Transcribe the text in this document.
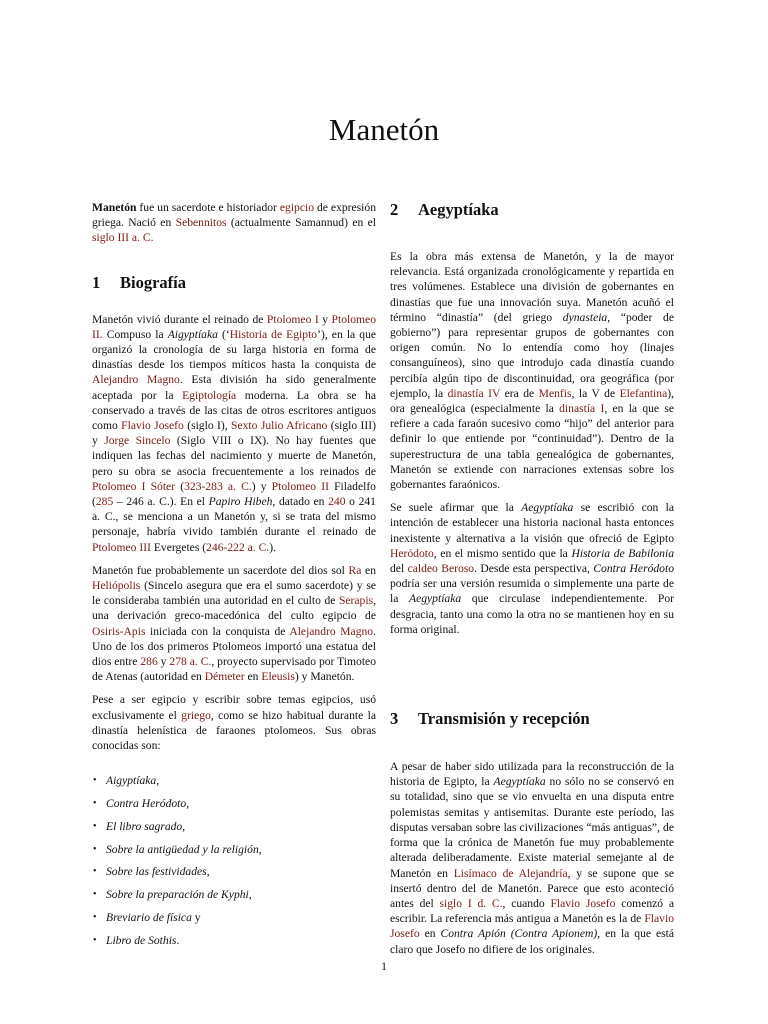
Manetón

Manetón fue un sacerdote e historiador egipcio de expresión griega. Nació en Sebennitos (actualmente Samannud) en el siglo III a. C.

1	Biografía

Manetón vivió durante el reinado de Ptolomeo I y Ptolomeo II. Compuso la Aigyptíaka (‘Historia de Egipto’), en la que organizó la cronología de su larga historia en forma de dinastías desde los tiempos míticos hasta la conquista de Alejandro Magno. Esta división ha sido generalmente aceptada por la Egiptología moderna. La obra se ha conservado a través de las citas de otros escritores antiguos como Flavio Josefo (siglo I), Sexto Julio Africano (siglo III) y Jorge Sincelo (Siglo VIII o IX). No hay fuentes que indiquen las fechas del nacimiento y muerte de Manetón, pero su obra se asocia frecuentemente a los reinados de Ptolomeo I Sóter (323-283 a. C.) y Ptolomeo II Filadelfo (285 – 246 a. C.). En el Papiro Hibeh, datado en 240 o 241 a. C., se menciona a un Manetón y, si se trata del mismo personaje, habría vivido también durante el reinado de Ptolomeo III Evergetes (246-222 a. C.).

Manetón fue probablemente un sacerdote del dios sol Ra en Heliópolis (Sincelo asegura que era el sumo sacerdote) y se le consideraba también una autoridad en el culto de Serapis, una derivación greco-macedónica del culto egipcio de Osiris-Apis iniciada con la conquista de Alejandro Magno. Uno de los dos primeros Ptolomeos importó una estatua del dios entre 286 y 278 a. C., proyecto supervisado por Timoteo de Atenas (autoridad en Démeter en Eleusis) y Manetón.

Pese a ser egipcio y escribir sobre temas egipcios, usó exclusivamente el griego, como se hizo habitual durante la dinastía helenística de faraones ptolomeos. Sus obras conocidas son:

• Aigyptíaka,
• Contra Heródoto,
• El libro sagrado,
• Sobre la antigüedad y la religión,
• Sobre las festividades,
• Sobre la preparación de Kyphi,
• Breviario de física y
• Libro de Sothis.
2	Aegyptíaka

Es la obra más extensa de Manetón, y la de mayor relevancia. Está organizada cronológicamente y repartida en tres volúmenes. Establece una división de gobernantes en dinastías que fue una innovación suya. Manetón acuñó el término “dinastía” (del griego dynasteia, “poder de gobierno”) para representar grupos de gobernantes con origen común. No lo entendía como hoy (linajes consanguíneos), sino que introdujo cada dinastía cuando percibía algún tipo de discontinuidad, ora geográfica (por ejemplo, la dinastía IV era de Menfis, la V de Elefantina), ora genealógica (especialmente la dinastía I, en la que se refiere a cada faraón sucesivo como “hijo” del anterior para definir lo que entiende por “continuidad”). Dentro de la superestructura de una tabla genealógica de gobernantes, Manetón se extiende con narraciones extensas sobre los gobernantes faraónicos.

Se suele afirmar que la Aegyptíaka se escribió con la intención de establecer una historia nacional hasta entonces inexistente y alternativa a la visión que ofreció de Egipto Heródoto, en el mismo sentido que la Historia de Babilonia del caldeo Beroso. Desde esta perspectiva, Contra Heródoto podría ser una versión resumida o simplemente una parte de la Aegyptíaka que circulase independientemente. Por desgracia, tanto una como la otra no se mantienen hoy en su forma original.

3	Transmisión y recepción

A pesar de haber sido utilizada para la reconstrucción de la historia de Egipto, la Aegyptíaka no sólo no se conservó en su totalidad, sino que se vio envuelta en una disputa entre polemistas semitas y antisemitas. Durante este período, las disputas versaban sobre las civilizaciones “más antiguas”, de forma que la crónica de Manetón fue muy probablemente alterada deliberadamente. Existe material semejante al de Manetón en Lisímaco de Alejandría, y se supone que se insertó dentro del de Manetón. Parece que esto aconteció antes del siglo I d. C., cuando Flavio Josefo comenzó a escribir. La referencia más antigua a Manetón es la de Flavio Josefo en Contra Apión (Contra Apionem), en la que está claro que Josefo no difiere de los originales.

1
